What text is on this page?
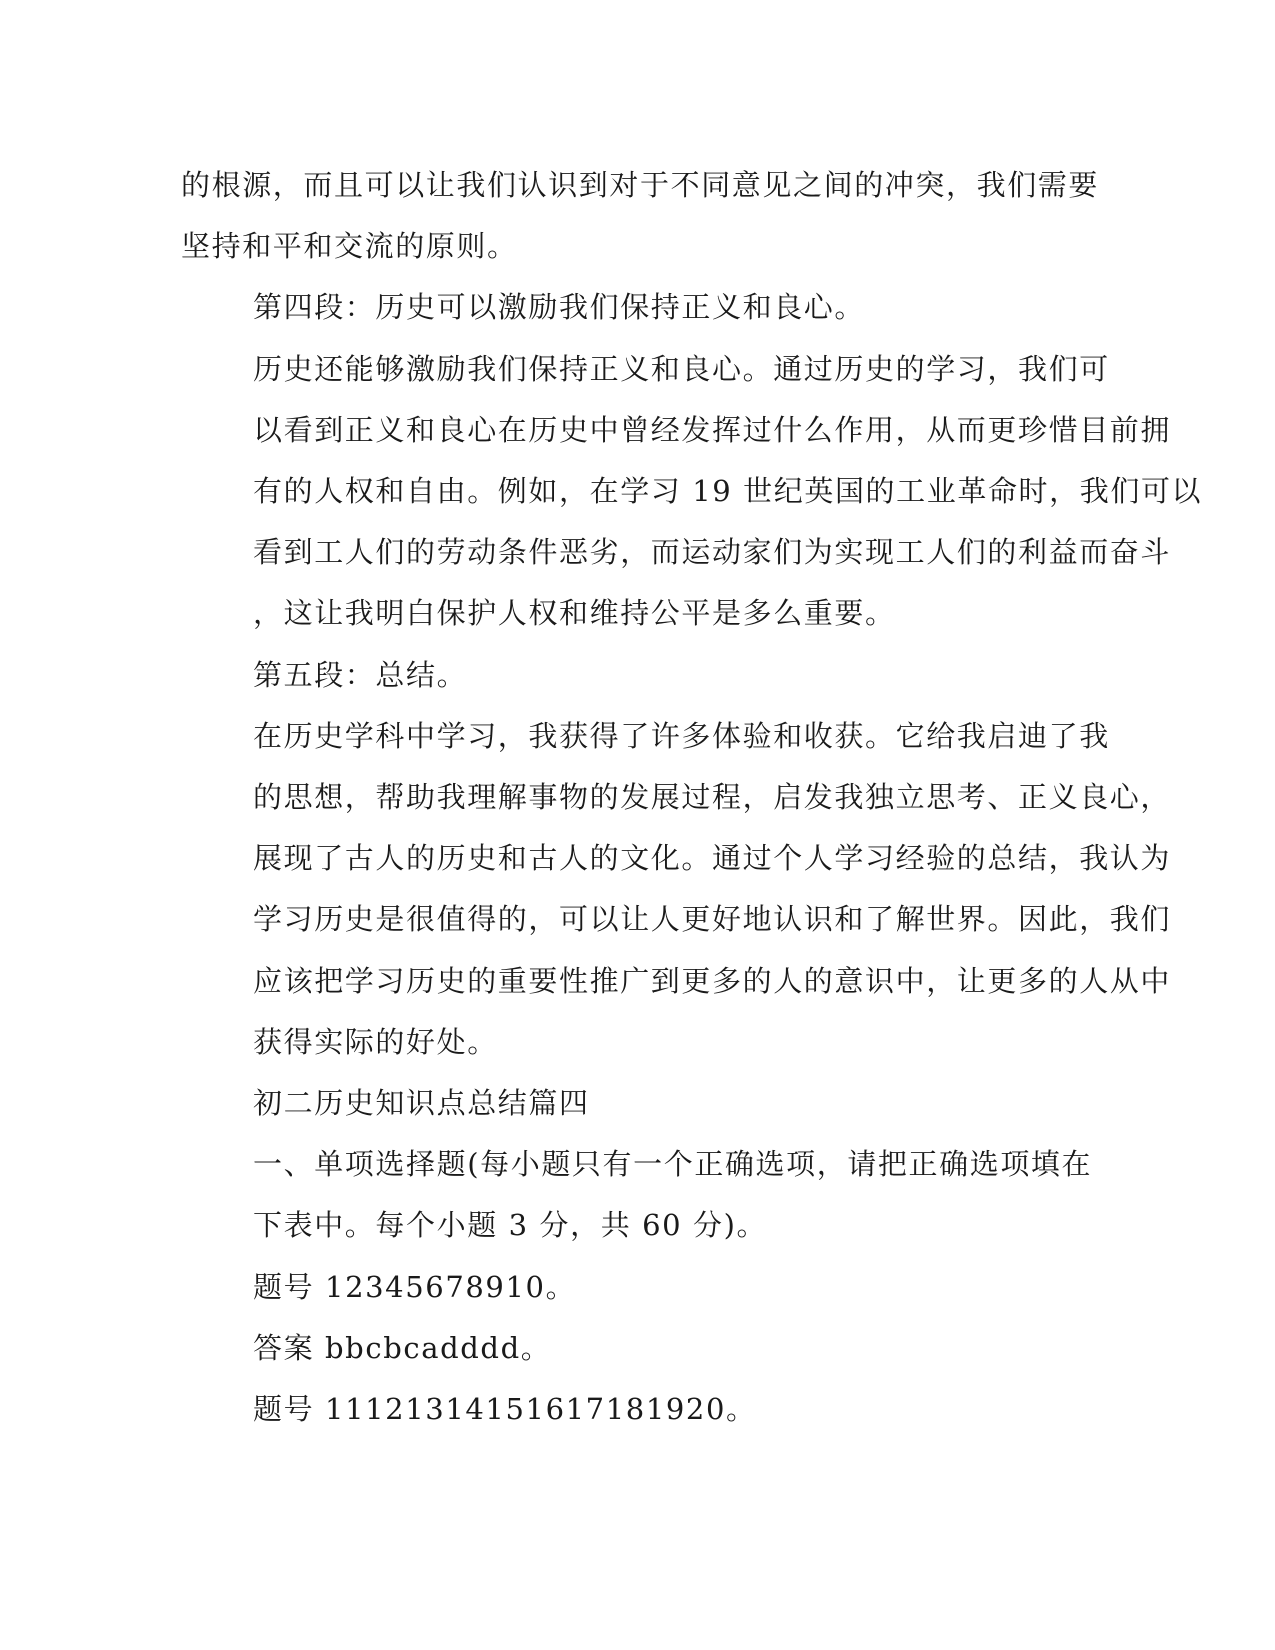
的根源，而且可以让我们认识到对于不同意见之间的冲突，我们需要
坚持和平和交流的原则。
第四段：历史可以激励我们保持正义和良心。
历史还能够激励我们保持正义和良心。通过历史的学习，我们可
以看到正义和良心在历史中曾经发挥过什么作用，从而更珍惜目前拥
有的人权和自由。例如，在学习 19 世纪英国的工业革命时，我们可以
看到工人们的劳动条件恶劣，而运动家们为实现工人们的利益而奋斗
，这让我明白保护人权和维持公平是多么重要。
第五段：总结。
在历史学科中学习，我获得了许多体验和收获。它给我启迪了我
的思想，帮助我理解事物的发展过程，启发我独立思考、正义良心，
展现了古人的历史和古人的文化。通过个人学习经验的总结，我认为
学习历史是很值得的，可以让人更好地认识和了解世界。因此，我们
应该把学习历史的重要性推广到更多的人的意识中，让更多的人从中
获得实际的好处。
初二历史知识点总结篇四
一、单项选择题(每小题只有一个正确选项，请把正确选项填在
下表中。每个小题 3 分，共 60 分)。
题号 12345678910。
答案 bbcbcadddd。
题号 11121314151617181920。
